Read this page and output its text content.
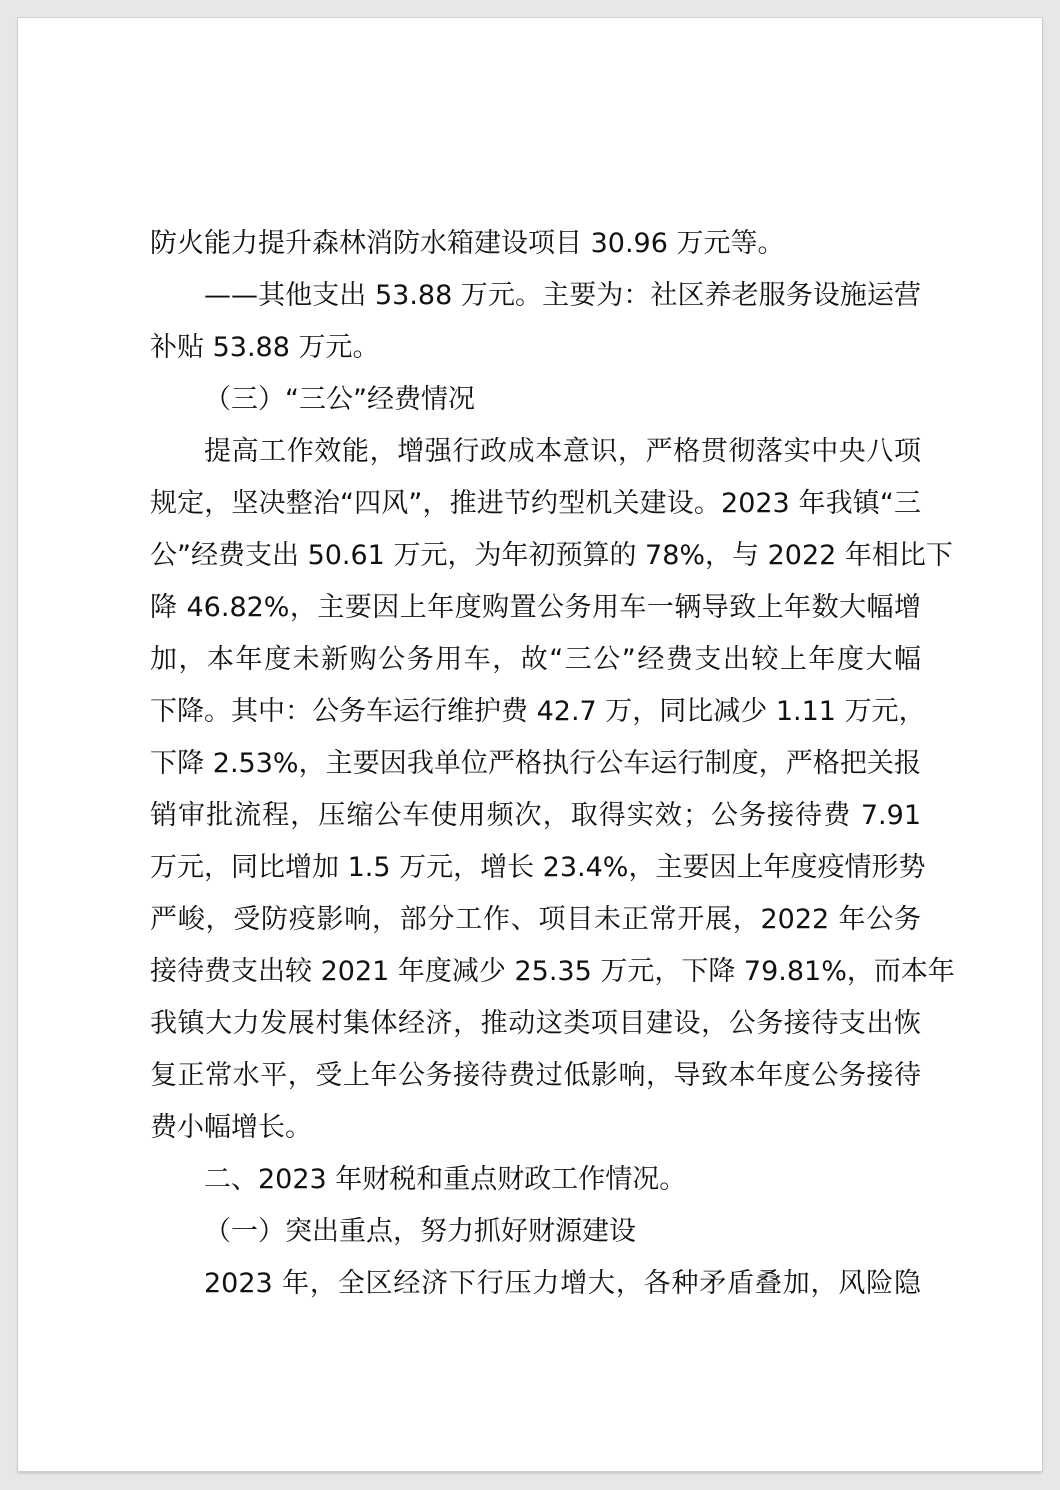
防火能力提升森林消防水箱建设项目 30.96 万元等。
——其他支出 53.88 万元。主要为：社区养老服务设施运营
补贴 53.88 万元。
（三）“三公”经费情况
提高工作效能，增强行政成本意识，严格贯彻落实中央八项
规定，坚决整治“四风”，推进节约型机关建设。2023 年我镇“三
公”经费支出 50.61 万元，为年初预算的 78%，与 2022 年相比下
降 46.82%，主要因上年度购置公务用车一辆导致上年数大幅增
加，本年度未新购公务用车，故“三公”经费支出较上年度大幅
下降。其中：公务车运行维护费 42.7 万，同比减少 1.11 万元，
下降 2.53%，主要因我单位严格执行公车运行制度，严格把关报
销审批流程，压缩公车使用频次，取得实效；公务接待费 7.91
万元，同比增加 1.5 万元，增长 23.4%，主要因上年度疫情形势
严峻，受防疫影响，部分工作、项目未正常开展，2022 年公务
接待费支出较 2021 年度减少 25.35 万元，下降 79.81%，而本年
我镇大力发展村集体经济，推动这类项目建设，公务接待支出恢
复正常水平，受上年公务接待费过低影响，导致本年度公务接待
费小幅增长。
二、2023 年财税和重点财政工作情况。
（一）突出重点，努力抓好财源建设
2023 年，全区经济下行压力增大，各种矛盾叠加，风险隐
